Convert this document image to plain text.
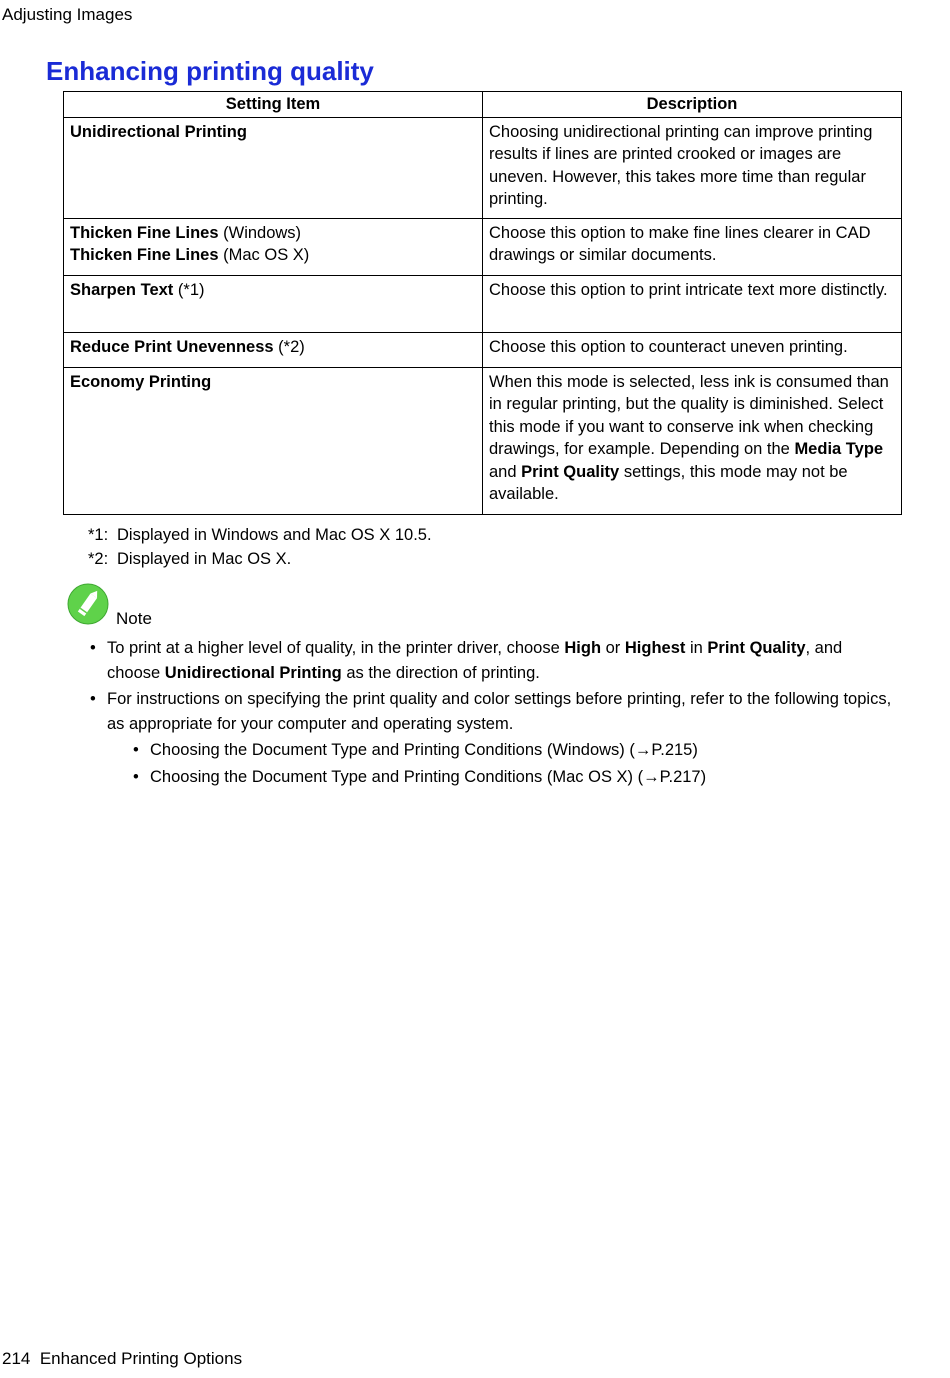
Adjusting Images
Enhancing printing quality
Setting Item	Description
Unidirectional Printing	Choosing unidirectional printing can improve printing results if lines are printed crooked or images are uneven. However, this takes more time than regular printing.

Thicken Fine Lines (Windows)
Thicken Fine Lines (Mac OS X)	Choose this option to make fine lines clearer in CAD drawings or similar documents.
Sharpen Text (*1)	Choose this option to print intricate text more distinctly.
Reduce Print Unevenness (*2)	Choose this option to counteract uneven printing.
Economy Printing	When this mode is selected, less ink is consumed than in regular printing, but the quality is diminished. Select this mode if you want to conserve ink when checking drawings, for example. Depending on the Media Type and Print Quality settings, this mode may not be available.
*1: Displayed in Windows and Mac OS X 10.5.
*2: Displayed in Mac OS X.
Note
• To print at a higher level of quality, in the printer driver, choose High or Highest in Print Quality, and choose Unidirectional Printing as the direction of printing.
• For instructions on specifying the print quality and color settings before printing, refer to the following topics, as appropriate for your computer and operating system.
• Choosing the Document Type and Printing Conditions (Windows) (→P.215)
• Choosing the Document Type and Printing Conditions (Mac OS X) (→P.217)
214 Enhanced Printing Options
